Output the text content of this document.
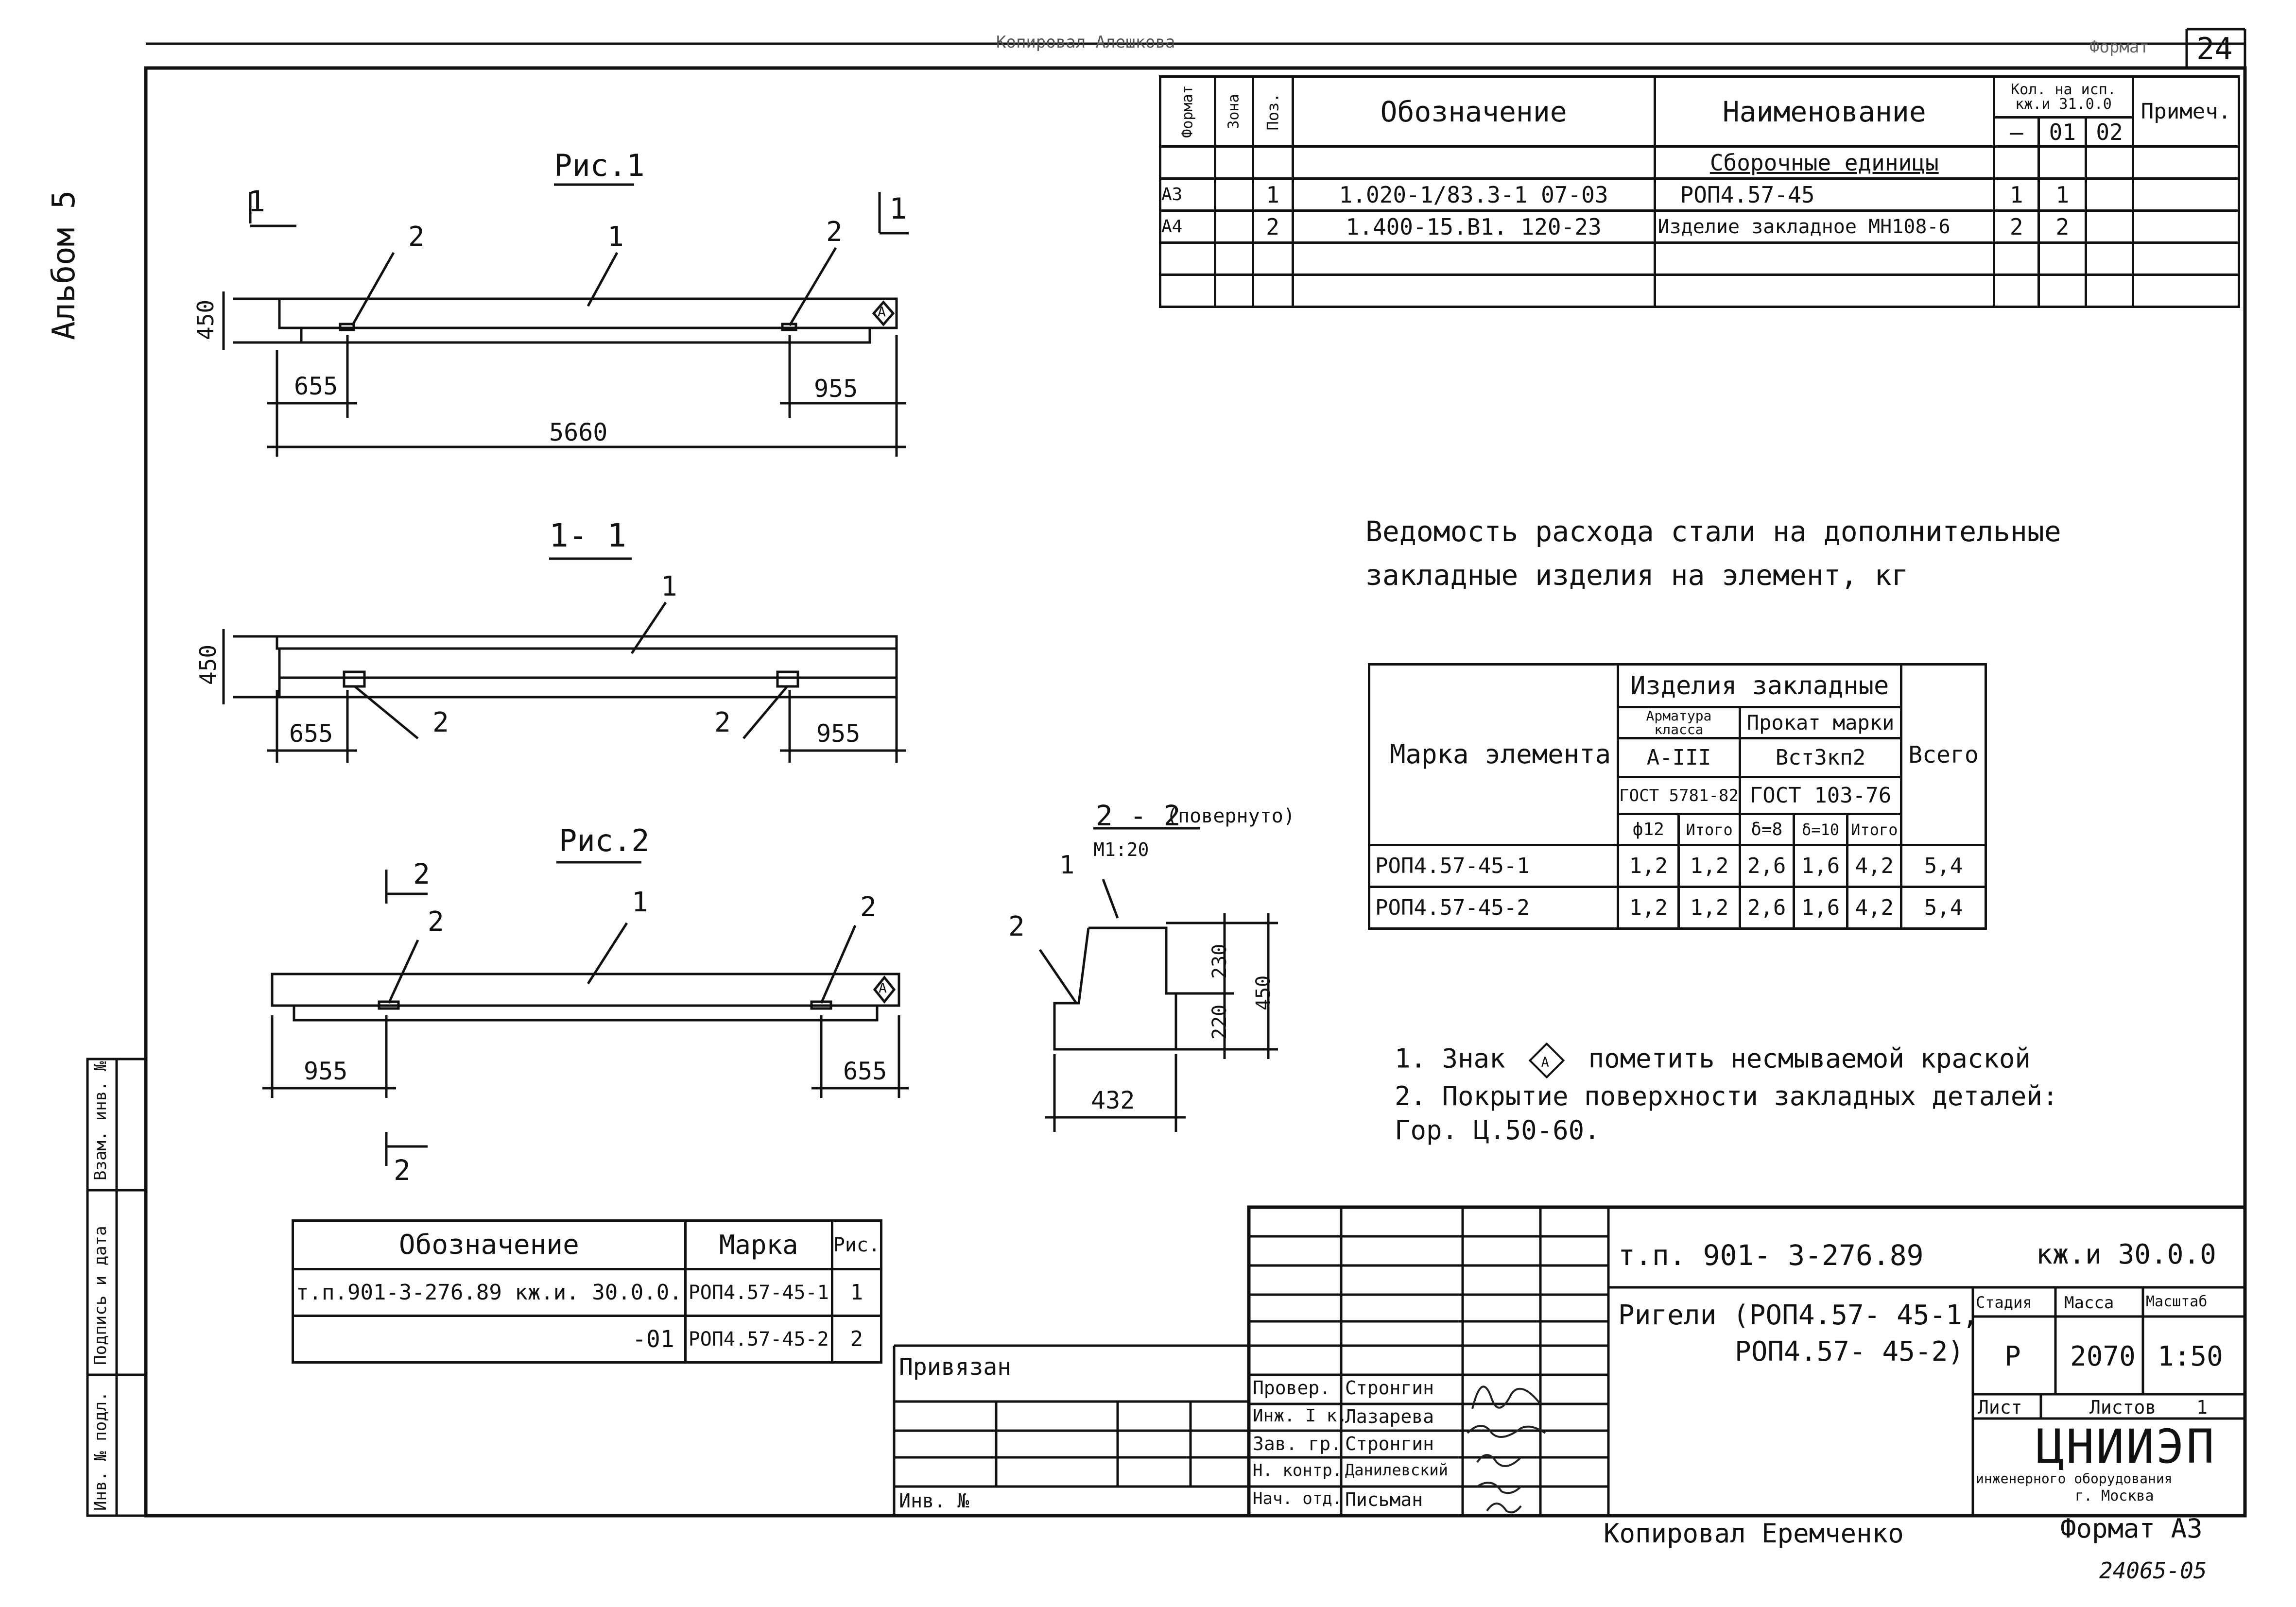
Копировал Алешкова	Формат 24
Альбом 5
Рис.1
1	1
1
2	2
А
450
655	955
5660
1- 1
1
2	2
450
655	955
Рис.2
2
2
1
2	2
А
955	655
2 - 2
(повернуто)
М1:20
1
2
230
220
450
432
Формат	Зона	Поз.	Обозначение	Наименование	Кол. на исп.
кж.и 31.0.0			Примеч.
					–	01	02	
				Сборочные единицы				
А3		1	1.020-1/83.3-1 07-03	РОП4.57-45	1	1		
А4		2	1.400-15.В1. 120-23	Изделие закладное МН108-6	2	2		

Ведомость расхода стали на дополнительные
закладные изделия на элемент, кг
Марка элемента	Изделия закладные					Всего
	Арматура класса		Прокат марки			
	А-III		Вст3кп2			
	ГОСТ 5781-82		ГОСТ 103-76			
	ф12	Итого	δ=8	δ=10	Итого	
РОП4.57-45-1	1,2	1,2	2,6	1,6	4,2	5,4
РОП4.57-45-2	1,2	1,2	2,6	1,6	4,2	5,4
1. Знак А пометить несмываемой краской
2. Покрытие поверхности закладных деталей:
Гор. Ц.50-60.
Обозначение	Марка	Рис.
т.п.901-3-276.89 кж.и. 30.0.0.	РОП4.57-45-1	1
-01	РОП4.57-45-2	2
Инв. № подл.
Подпись и дата
Взам. инв. №
Привязан
Инв. №
Провер. Стронгин
Инж. I к.
Лазарева
Зав. гр. Стронгин
Н. контр. Данилевский
Нач. отд. Письман
т.п. 901- 3-276.89	кж.и 30.0.0
Ригели (РОП4.57- 45-1,
РОП4.57- 45-2)
Стадия Масса Масштаб
Р 2070 1:50
Лист	Листов 1
ЦНИИЭП
инженерного оборудования
г. Москва
Копировал Еремченко	Формат А3
24065-05
